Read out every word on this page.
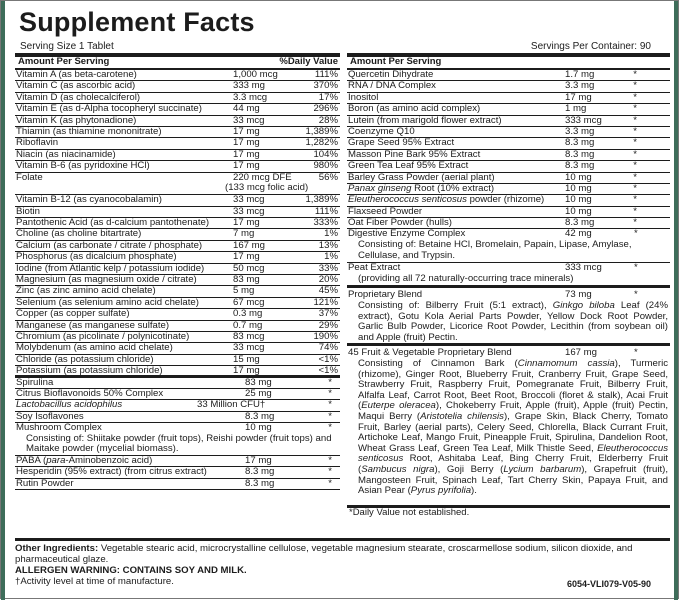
Supplement Facts
Serving Size 1 Tablet	Servings Per Container: 90
Amount Per Serving	%Daily Value
Vitamin A (as beta-carotene)	1,000 mcg	111%
Vitamin C (as ascorbic acid)	333 mg	370%
Vitamin D (as cholecalciferol)	3.3 mcg	17%
Vitamin E (as d-Alpha tocopheryl succinate)	44 mg	296%
Vitamin K (as phytonadione)	33 mcg	28%
Thiamin (as thiamine mononitrate)	17 mg	1,389%
Riboflavin	17 mg	1,282%
Niacin (as niacinamide)	17 mg	104%
Vitamin B-6 (as pyridoxine HCl)	17 mg	980%
Folate	220 mcg DFE	56%
(133 mcg folic acid)
Vitamin B-12 (as cyanocobalamin)	33 mcg	1,389%
Biotin	33 mcg	111%
Pantothenic Acid (as d-calcium pantothenate) 17 mg	333%
Choline (as choline bitartrate)	7 mg	1%
Calcium (as carbonate / citrate / phosphate)	167 mg	13%
Phosphorus (as dicalcium phosphate)	17 mg	1%
Iodine (from Atlantic kelp / potassium iodide)	50 mcg	33%
Magnesium (as magnesium oxide / citrate)	83 mg	20%
Zinc (as zinc amino acid chelate)	5 mg	45%
Selenium (as selenium amino acid chelate)	67 mcg	121%
Copper (as copper sulfate)	0.3 mg	37%
Manganese (as manganese sulfate)	0.7 mg	29%
Chromium (as picolinate / polynicotinate)	83 mcg	190%
Molybdenum (as amino acid chelate)	33 mcg	74%
Chloride (as potassium chloride)	15 mg	<1%
Potassium (as potassium chloride)	17 mg	<1%
Spirulina	83 mg	*
Citrus Bioflavonoids 50% Complex	25 mg	*
Lactobacillus acidophilus	33 Million CFU†	*
Soy Isoflavones	8.3 mg	*
Mushroom Complex	10 mg	*
Consisting of: Shiitake powder (fruit tops), Reishi powder (fruit tops) and Maitake powder (mycelial biomass).
PABA (para-Aminobenzoic acid)	17 mg	*
Hesperidin (95% extract) (from citrus extract)	8.3 mg	*
Rutin Powder	8.3 mg	*
Amount Per Serving
Quercetin Dihydrate	1.7 mg	*
RNA / DNA Complex	3.3 mg	*
Inositol	17 mg	*
Boron (as amino acid complex)	1 mg	*
Lutein (from marigold flower extract)	333 mcg	*
Coenzyme Q10	3.3 mg	*
Grape Seed 95% Extract	8.3 mg	*
Masson Pine Bark 95% Extract	8.3 mg	*
Green Tea Leaf 95% Extract	8.3 mg	*
Barley Grass Powder (aerial plant)	10 mg	*
Panax ginseng Root (10% extract)	10 mg	*
Eleutherococcus senticosus powder (rhizome) 10 mg	*
Flaxseed Powder	10 mg	*
Oat Fiber Powder (hulls)	8.3 mg	*
Digestive Enzyme Complex	42 mg	*
Consisting of: Betaine HCl, Bromelain, Papain, Lipase, Amylase, Cellulase, and Trypsin.
Peat Extract	333 mcg	*
(providing all 72 naturally-occurring trace minerals)
Proprietary Blend	73 mg	*
Consisting of: Bilberry Fruit (5:1 extract), Ginkgo biloba Leaf (24% extract), Gotu Kola Aerial Parts Powder, Yellow Dock Root Powder, Garlic Bulb Powder, Licorice Root Powder, Lecithin (from soybean oil) and Apple (fruit) Pectin.
45 Fruit & Vegetable Proprietary Blend	167 mg	*
Consisting of Cinnamon Bark (Cinnamomum cassia), Turmeric (rhizome), Ginger Root, Blueberry Fruit, Cranberry Fruit, Grape Seed, Strawberry Fruit, Raspberry Fruit, Pomegranate Fruit, Bilberry Fruit, Alfalfa Leaf, Carrot Root, Beet Root, Broccoli (floret & stalk), Acai Fruit (Euterpe oleracea), Chokeberry Fruit, Apple (fruit), Apple (fruit) Pectin, Maqui Berry (Aristotelia chilensis), Grape Skin, Black Cherry, Tomato Fruit, Barley (aerial parts), Celery Seed, Chlorella, Black Currant Fruit, Artichoke Leaf, Mango Fruit, Pineapple Fruit, Spirulina, Dandelion Root, Wheat Grass Leaf, Green Tea Leaf, Milk Thistle Seed, Eleutherococcus senticosus Root, Ashitaba Leaf, Bing Cherry Fruit, Elderberry Fruit (Sambucus nigra), Goji Berry (Lycium barbarum), Grapefruit (fruit), Mangosteen Fruit, Spinach Leaf, Tart Cherry Skin, Papaya Fruit, and Asian Pear (Pyrus pyrifolia).
*Daily Value not established.
Other Ingredients: Vegetable stearic acid, microcrystalline cellulose, vegetable magnesium stearate, croscarmellose sodium, silicon dioxide, and pharmaceutical glaze.
ALLERGEN WARNING: CONTAINS SOY AND MILK.
†Activity level at time of manufacture.	6054-VLI079-V05-90
